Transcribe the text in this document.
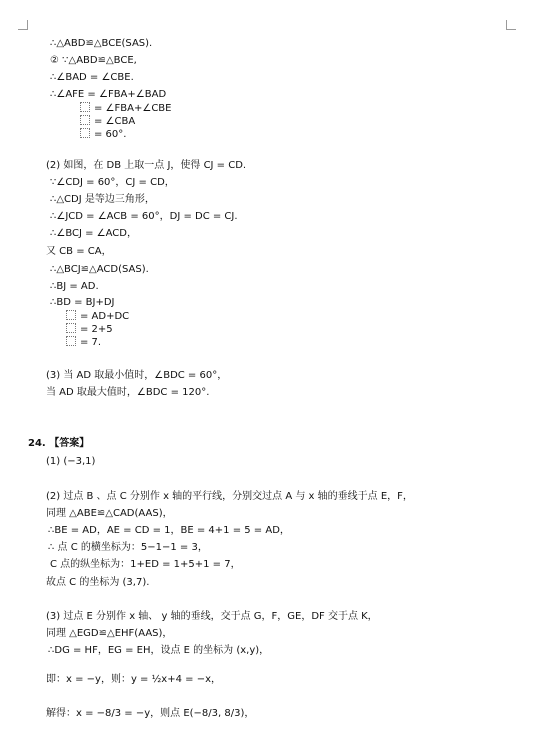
∴△ABD≌△BCE(SAS).
② ∵△ABD≌△BCE,
∴∠BAD = ∠CBE.
∴∠AFE = ∠FBA+∠BAD
= ∠FBA+∠CBE
= ∠CBA
= 60°.
(2) 如图，在 DB 上取一点 J，使得 CJ = CD.
∵∠CDJ = 60°，CJ = CD，
∴△CDJ 是等边三角形，
∴∠JCD = ∠ACB = 60°，DJ = DC = CJ.
∴∠BCJ = ∠ACD，
又 CB = CA，
∴△BCJ≌△ACD(SAS).
∴BJ = AD.
∴BD = BJ+DJ
= AD+DC
= 2+5
= 7.
(3) 当 AD 取最小值时，∠BDC = 60°，
当 AD 取最大值时，∠BDC = 120°.
24. 【答案】
(1) (−3,1)
(2) 过点 B 、点 C 分别作 x 轴的平行线，分别交过点 A 与 x 轴的垂线于点 E，F，
同理 △ABE≌△CAD(AAS)，
∴BE = AD，AE = CD = 1，BE = 4+1 = 5 = AD，
∴ 点 C 的横坐标为：5−1−1 = 3，
C 点的纵坐标为：1+ED = 1+5+1 = 7，
故点 C 的坐标为 (3,7).
(3) 过点 E 分别作 x 轴、 y 轴的垂线，交于点 G，F，GE，DF 交于点 K，
同理 △EGD≌△EHF(AAS)，
∴DG = HF，EG = EH，设点 E 的坐标为 (x,y)，
即：x = −y，则：y = ½x+4 = −x，
解得：x = −8/3 = −y，则点 E(−8/3, 8/3)，
